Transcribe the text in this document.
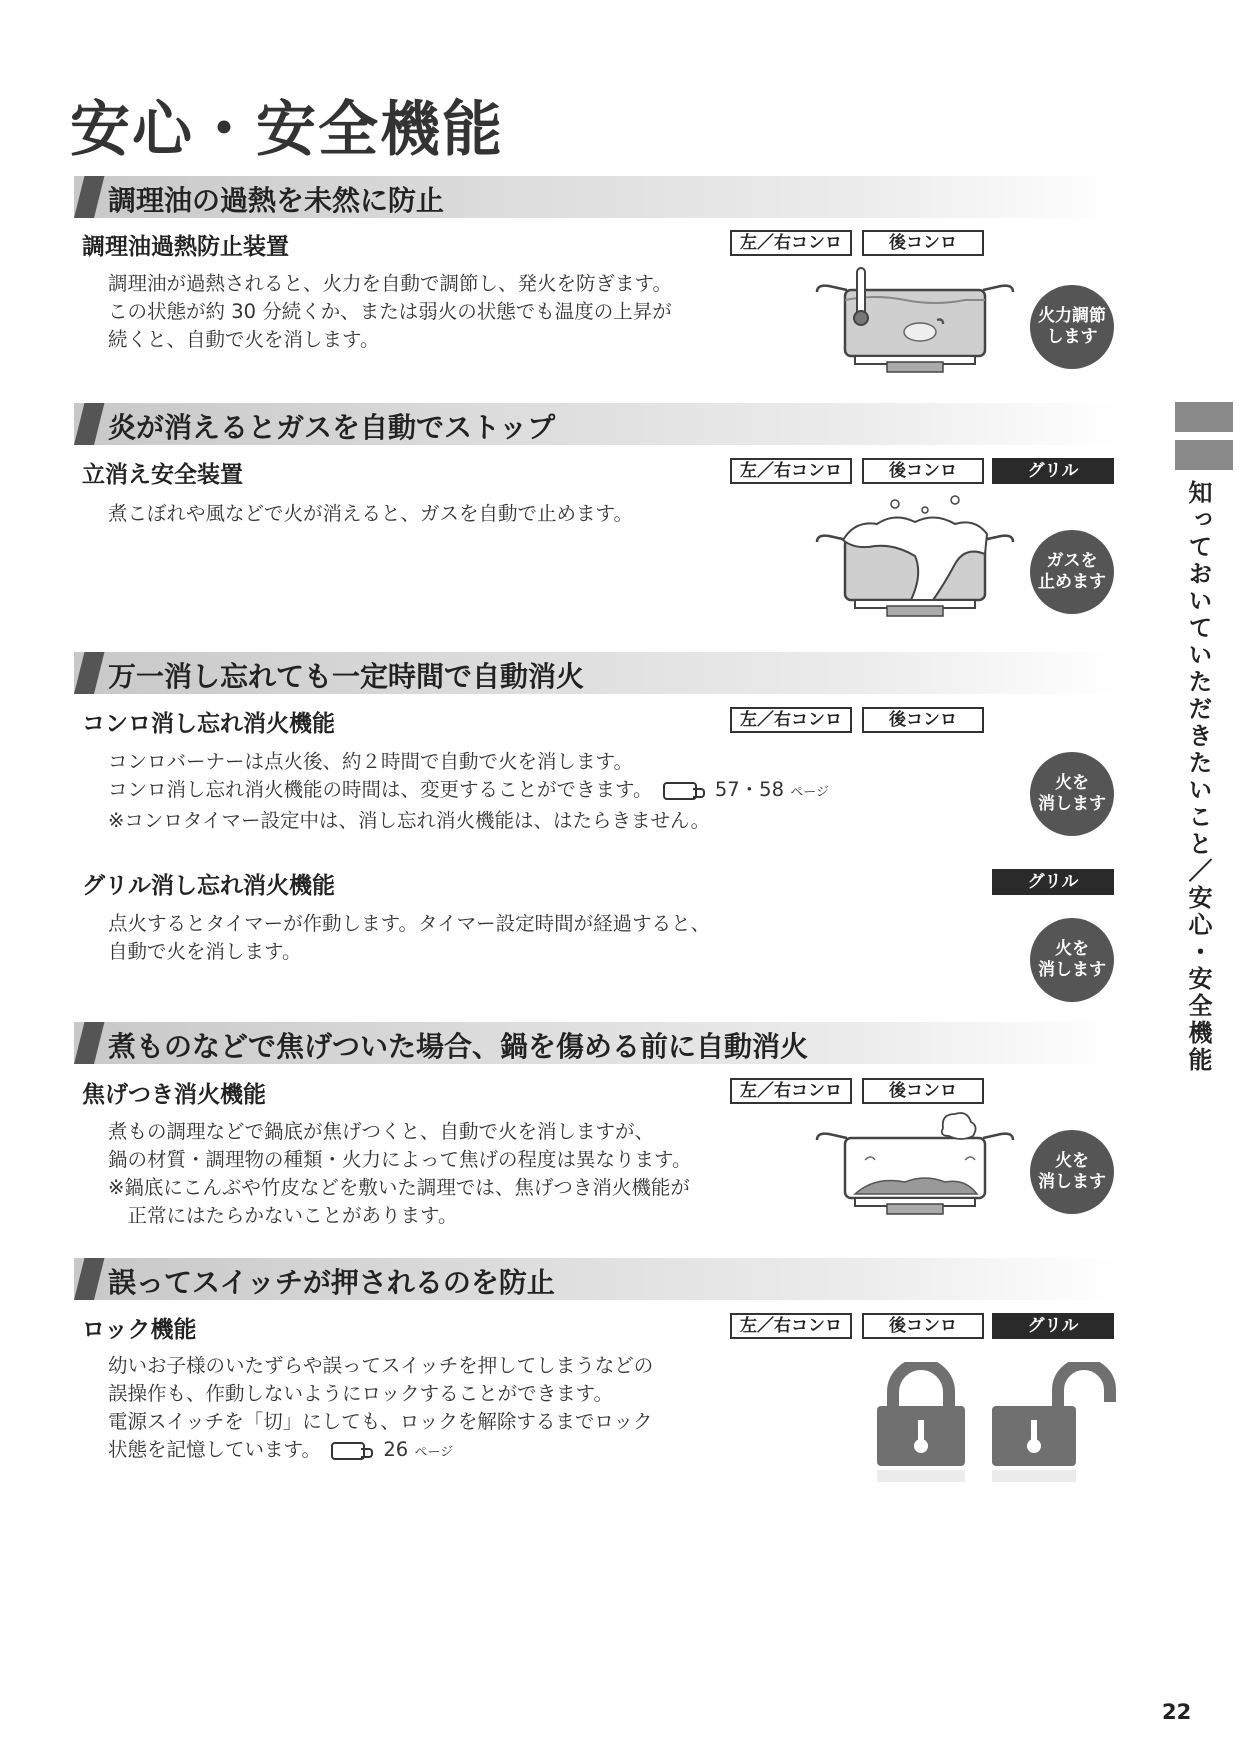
安心・安全機能
知っておいていただきたいこと／安心・安全機能
調理油の過熱を未然に防止
調理油過熱防止装置	左／右コンロ	後コンロ
調理油が過熱されると、火力を自動で調節し、発火を防ぎます。
この状態が約 30 分続くか、または弱火の状態でも温度の上昇が
続くと、自動で火を消します。
火力調節
します
炎が消えるとガスを自動でストップ
立消え安全装置	左／右コンロ	後コンロ	グリル
煮こぼれや風などで火が消えると、ガスを自動で止めます。
ガスを
止めます
万一消し忘れても一定時間で自動消火
コンロ消し忘れ消火機能	左／右コンロ	後コンロ
コンロバーナーは点火後、約２時間で自動で火を消します。
コンロ消し忘れ消火機能の時間は、変更することができます。	57・58 ページ
※コンロタイマー設定中は、消し忘れ消火機能は、はたらきません。
火を
消します
グリル消し忘れ消火機能	グリル
点火するとタイマーが作動します。タイマー設定時間が経過すると、
自動で火を消します。	火を
消します
煮ものなどで焦げついた場合、鍋を傷める前に自動消火
焦げつき消火機能	左／右コンロ	後コンロ
煮もの調理などで鍋底が焦げつくと、自動で火を消しますが、
鍋の材質・調理物の種類・火力によって焦げの程度は異なります。
※鍋底にこんぶや竹皮などを敷いた調理では、焦げつき消火機能が
　正常にはたらかないことがあります。
火を
消します
誤ってスイッチが押されるのを防止
ロック機能	左／右コンロ	後コンロ	グリル
幼いお子様のいたずらや誤ってスイッチを押してしまうなどの
誤操作も、作動しないようにロックすることができます。
電源スイッチを「切」にしても、ロックを解除するまでロック
状態を記憶しています。	26 ページ
22
